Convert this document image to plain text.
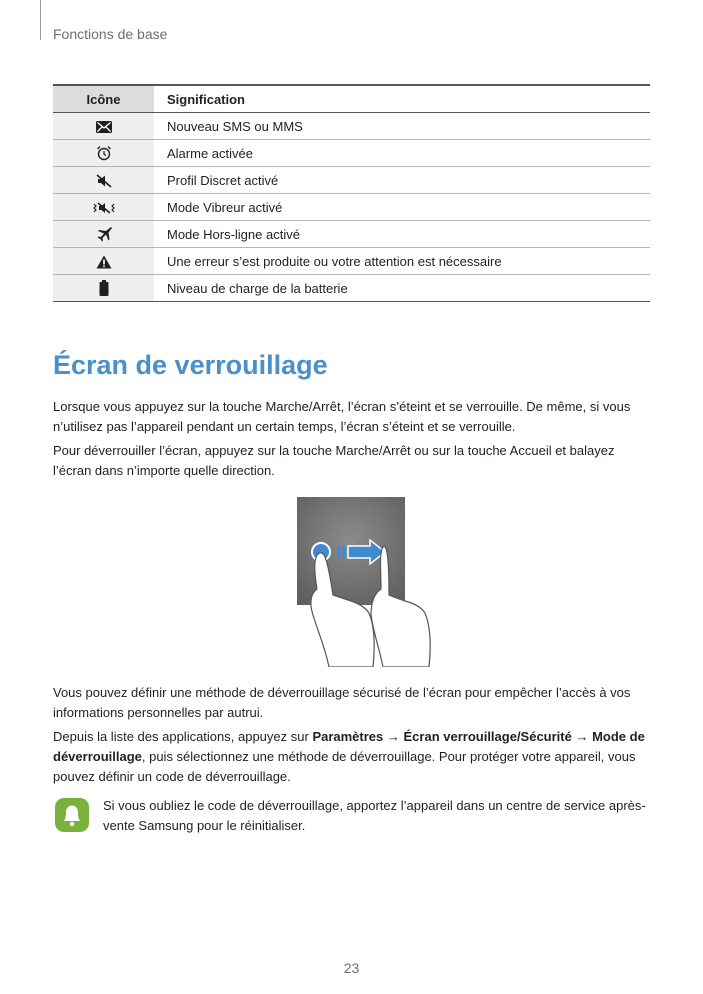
Fonctions de base
Icône	Signification

	Nouveau SMS ou MMS

	Alarme activée

	Profil Discret activé

	Mode Vibreur activé

	Mode Hors-ligne activé

	Une erreur s’est produite ou votre attention est nécessaire

	Niveau de charge de la batterie
Écran de verrouillage

Lorsque vous appuyez sur la touche Marche/Arrêt, l’écran s’éteint et se verrouille. De même, si vous n’utilisez pas l’appareil pendant un certain temps, l’écran s’éteint et se verrouille.

Pour déverrouiller l’écran, appuyez sur la touche Marche/Arrêt ou sur la touche Accueil et balayez l’écran dans n’importe quelle direction.

Vous pouvez définir une méthode de déverrouillage sécurisé de l’écran pour empêcher l’accès à vos informations personnelles par autrui.

Depuis la liste des applications, appuyez sur Paramètres → Écran verrouillage/Sécurité → Mode de déverrouillage, puis sélectionnez une méthode de déverrouillage. Pour protéger votre appareil, vous pouvez définir un code de déverrouillage.

Si vous oubliez le code de déverrouillage, apportez l’appareil dans un centre de service après-vente Samsung pour le réinitialiser.

23
